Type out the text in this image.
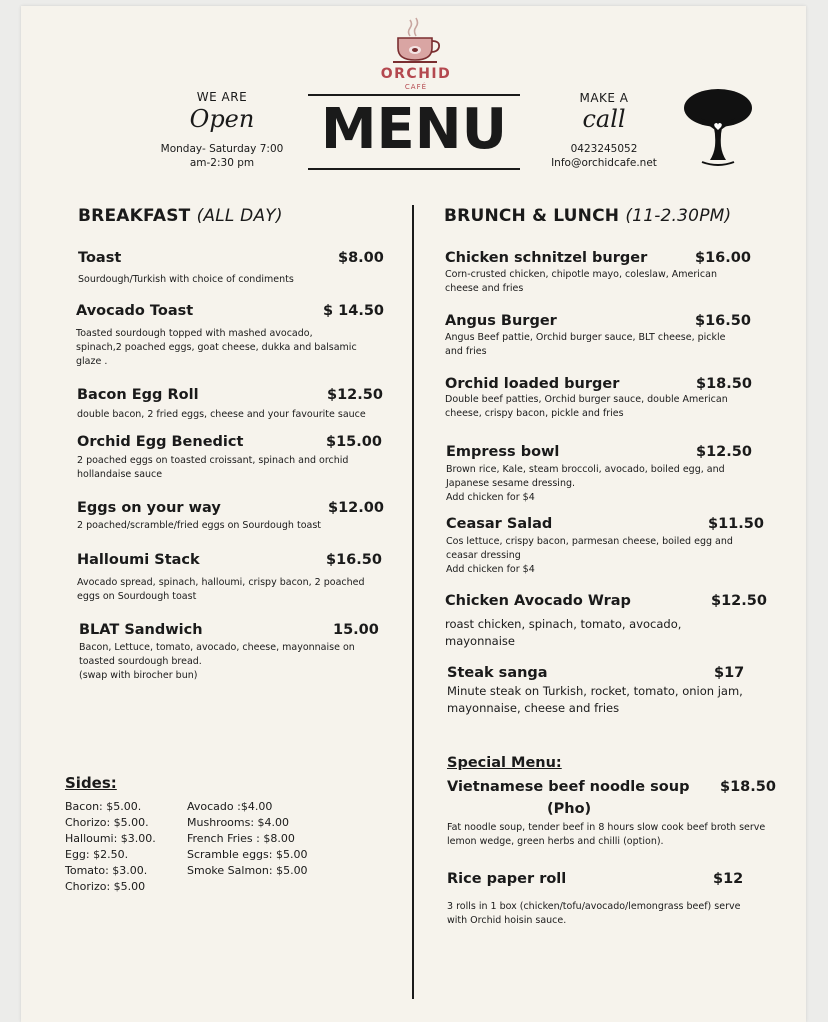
ORCHID
CAFÉ
MENU
WE ARE
Open
Monday- Saturday 7:00
am-2:30 pm
MAKE A
call
0423245052
Info@orchidcafe.net
BREAKFAST (ALL DAY)	BRUNCH & LUNCH (11-2.30PM)
Toast	$8.00
Sourdough/Turkish with choice of condiments
Avocado Toast	$ 14.50
Toasted sourdough topped with mashed avocado,
spinach,2 poached eggs, goat cheese, dukka and balsamic
glaze .
Bacon Egg Roll	$12.50
double bacon, 2 fried eggs, cheese and your favourite sauce
Orchid Egg Benedict	$15.00
2 poached eggs on toasted croissant, spinach and orchid
hollandaise sauce
Eggs on your way	$12.00
2 poached/scramble/fried eggs on Sourdough toast
Halloumi Stack	$16.50
Avocado spread, spinach, halloumi, crispy bacon, 2 poached
eggs on Sourdough toast
BLAT Sandwich	15.00
Bacon, Lettuce, tomato, avocado, cheese, mayonnaise on
toasted sourdough bread.
(swap with birocher bun)
Sides:
Bacon: $5.00.
Chorizo: $5.00.
Halloumi: $3.00.
Egg: $2.50.
Tomato: $3.00.
Chorizo: $5.00
Avocado :$4.00
Mushrooms: $4.00
French Fries : $8.00
Scramble eggs: $5.00
Smoke Salmon: $5.00
Chicken schnitzel burger	$16.00
Corn-crusted chicken, chipotle mayo, coleslaw, American
cheese and fries
Angus Burger	$16.50
Angus Beef pattie, Orchid burger sauce, BLT cheese, pickle
and fries
Orchid loaded burger	$18.50
Double beef patties, Orchid burger sauce, double American
cheese, crispy bacon, pickle and fries
Empress bowl	$12.50
Brown rice, Kale, steam broccoli, avocado, boiled egg, and
Japanese sesame dressing.
Add chicken for $4
Ceasar Salad	$11.50
Cos lettuce, crispy bacon, parmesan cheese, boiled egg and
ceasar dressing
Add chicken for $4
Chicken Avocado Wrap	$12.50
roast chicken, spinach, tomato, avocado,
mayonnaise
Steak sanga	$17
Minute steak on Turkish, rocket, tomato, onion jam,
mayonnaise, cheese and fries
Special Menu:
Vietnamese beef noodle soup $18.50
(Pho)
Fat noodle soup, tender beef in 8 hours slow cook beef broth serve
lemon wedge, green herbs and chilli (option).
Rice paper roll	$12
3 rolls in 1 box (chicken/tofu/avocado/lemongrass beef) serve
with Orchid hoisin sauce.
